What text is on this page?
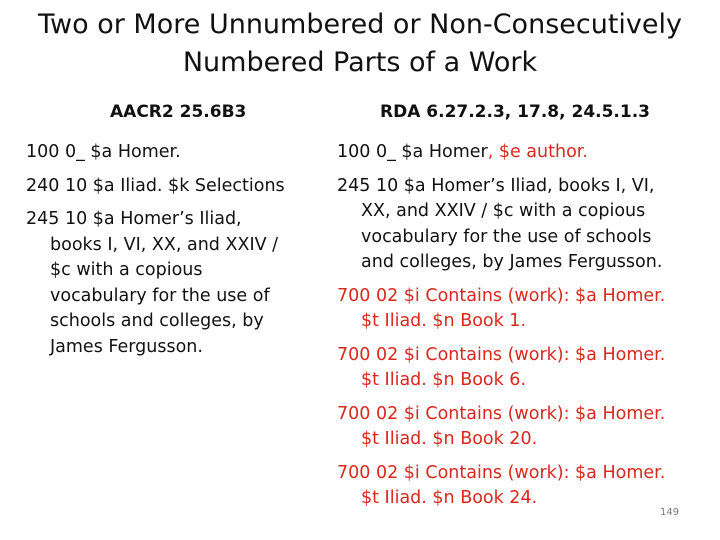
Two or More Unnumbered or Non-Consecutively
Numbered Parts of a Work
AACR2 25.6B3	RDA 6.27.2.3, 17.8, 24.5.1.3
100 0_ $a Homer.
240 10 $a Iliad. $k Selections
245 10 $a Homer’s Iliad,
books I, VI, XX, and XXIV /
$c with a copious
vocabulary for the use of
schools and colleges, by
James Fergusson.
100 0_ $a Homer, $e author.
245 10 $a Homer’s Iliad, books I, VI,
XX, and XXIV / $c with a copious
vocabulary for the use of schools
and colleges, by James Fergusson.
700 02 $i Contains (work): $a Homer.
$t Iliad. $n Book 1.
700 02 $i Contains (work): $a Homer.
$t Iliad. $n Book 6.
700 02 $i Contains (work): $a Homer.
$t Iliad. $n Book 20.
700 02 $i Contains (work): $a Homer.
$t Iliad. $n Book 24.
149
